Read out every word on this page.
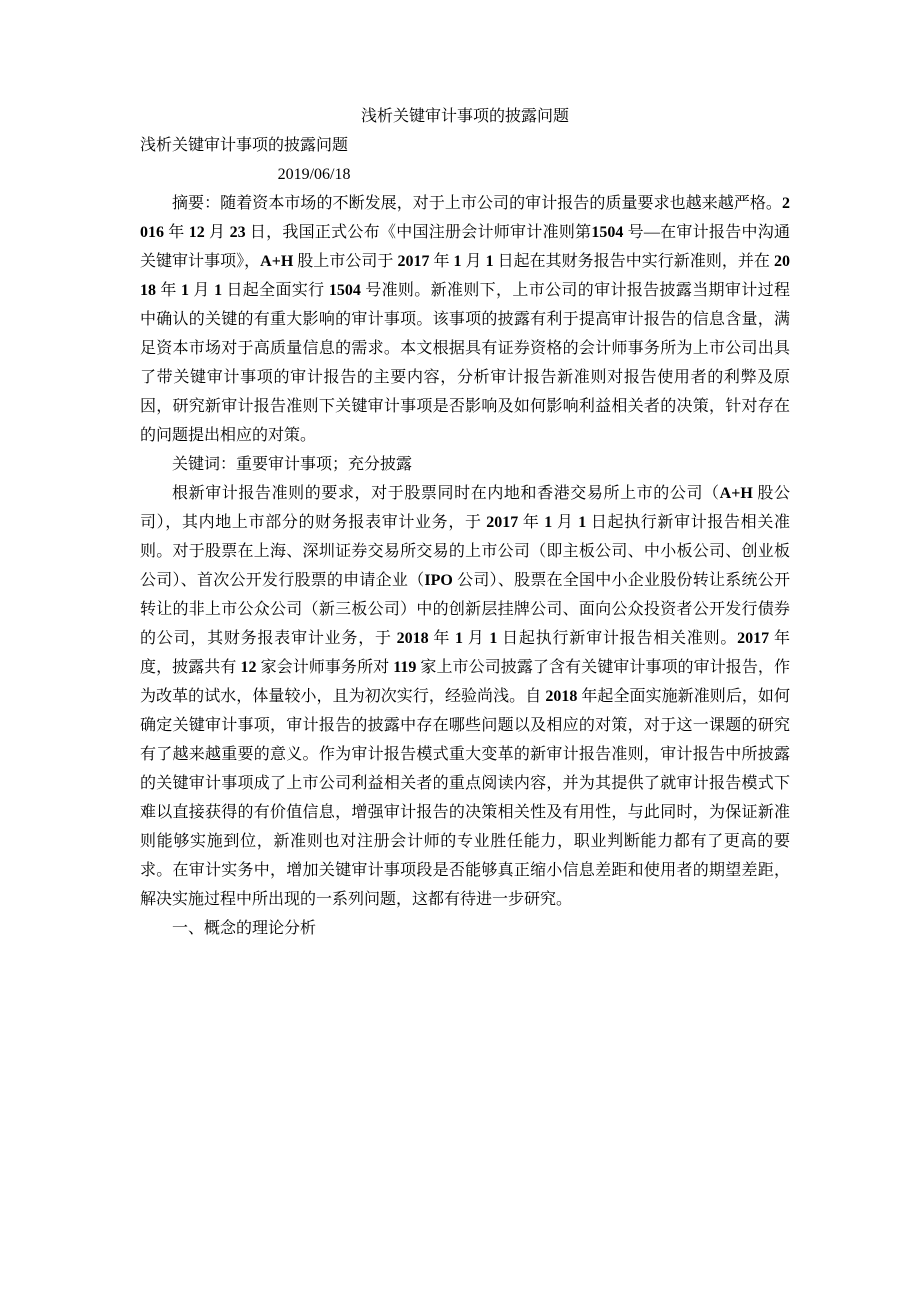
浅析关键审计事项的披露问题
浅析关键审计事项的披露问题
2019/06/18

摘要：随着资本市场的不断发展，对于上市公司的审计报告的质量要求也越来越严格。2016 年 12 月 23 日，我国正式公布《中国注册会计师审计准则第1504 号—在审计报告中沟通关键审计事项》，A+H 股上市公司于 2017 年 1 月 1 日起在其财务报告中实行新准则，并在 2018 年 1 月 1 日起全面实行 1504 号准则。新准则下，上市公司的审计报告披露当期审计过程中确认的关键的有重大影响的审计事项。该事项的披露有利于提高审计报告的信息含量，满足资本市场对于高质量信息的需求。本文根据具有证券资格的会计师事务所为上市公司出具了带关键审计事项的审计报告的主要内容，分析审计报告新准则对报告使用者的利弊及原因，研究新审计报告准则下关键审计事项是否影响及如何影响利益相关者的决策，针对存在的问题提出相应的对策。

关键词：重要审计事项；充分披露

根新审计报告准则的要求，对于股票同时在内地和香港交易所上市的公司（A+H 股公司），其内地上市部分的财务报表审计业务，于 2017 年 1 月 1 日起执行新审计报告相关准则。对于股票在上海、深圳证券交易所交易的上市公司（即主板公司、中小板公司、创业板公司）、首次公开发行股票的申请企业（IPO 公司）、股票在全国中小企业股份转让系统公开转让的非上市公众公司（新三板公司）中的创新层挂牌公司、面向公众投资者公开发行债券的公司，其财务报表审计业务，于 2018 年 1 月 1 日起执行新审计报告相关准则。2017 年度，披露共有 12 家会计师事务所对 119 家上市公司披露了含有关键审计事项的审计报告，作为改革的试水，体量较小，且为初次实行，经验尚浅。自 2018 年起全面实施新准则后，如何确定关键审计事项，审计报告的披露中存在哪些问题以及相应的对策，对于这一课题的研究有了越来越重要的意义。作为审计报告模式重大变革的新审计报告准则，审计报告中所披露的关键审计事项成了上市公司利益相关者的重点阅读内容，并为其提供了就审计报告模式下难以直接获得的有价值信息，增强审计报告的决策相关性及有用性，与此同时，为保证新准则能够实施到位，新准则也对注册会计师的专业胜任能力，职业判断能力都有了更高的要求。在审计实务中，增加关键审计事项段是否能够真正缩小信息差距和使用者的期望差距，解决实施过程中所出现的一系列问题，这都有待进一步研究。

一、概念的理论分析
